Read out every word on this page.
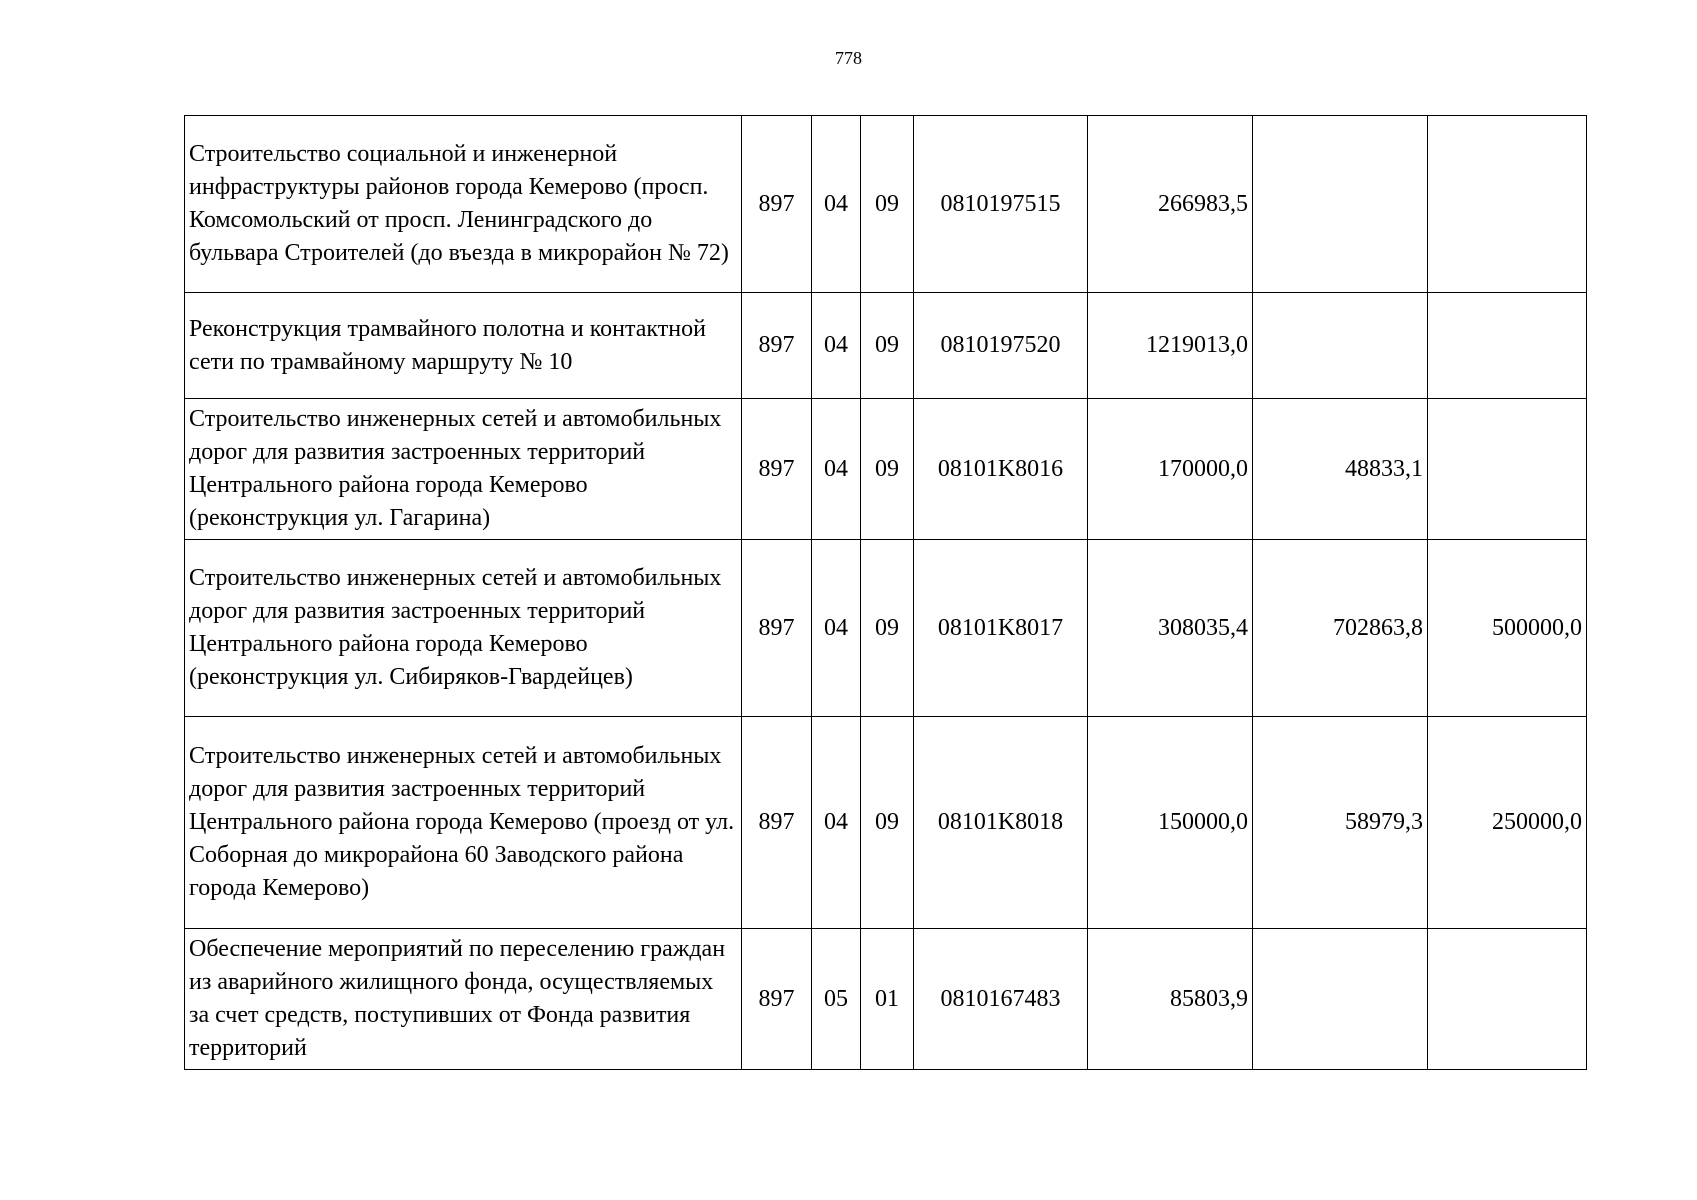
778
Строительство социальной и инженерной инфраструктуры районов города Кемерово (просп. Комсомольский от просп. Ленинградского до бульвара Строителей (до въезда в микрорайон № 72)	897	04	09	0810197515	266983,5		
Реконструкция трамвайного полотна и контактной сети по трамвайному маршруту № 10	897	04	09	0810197520	1219013,0		
Строительство инженерных сетей и автомобильных дорог для развития застроенных территорий Центрального района города Кемерово (реконструкция ул. Гагарина)	897	04	09	08101K8016	170000,0	48833,1	
Строительство инженерных сетей и автомобильных дорог для развития застроенных территорий Центрального района города Кемерово (реконструкция ул. Сибиряков-Гвардейцев)	897	04	09	08101K8017	308035,4	702863,8	500000,0
Строительство инженерных сетей и автомобильных дорог для развития застроенных территорий Центрального района города Кемерово (проезд от ул. Соборная до микрорайона 60 Заводского района города Кемерово)	897	04	09	08101K8018	150000,0	58979,3	250000,0
Обеспечение мероприятий по переселению граждан из аварийного жилищного фонда, осуществляемых за счет средств, поступивших от Фонда развития территорий	897	05	01	0810167483	85803,9		
